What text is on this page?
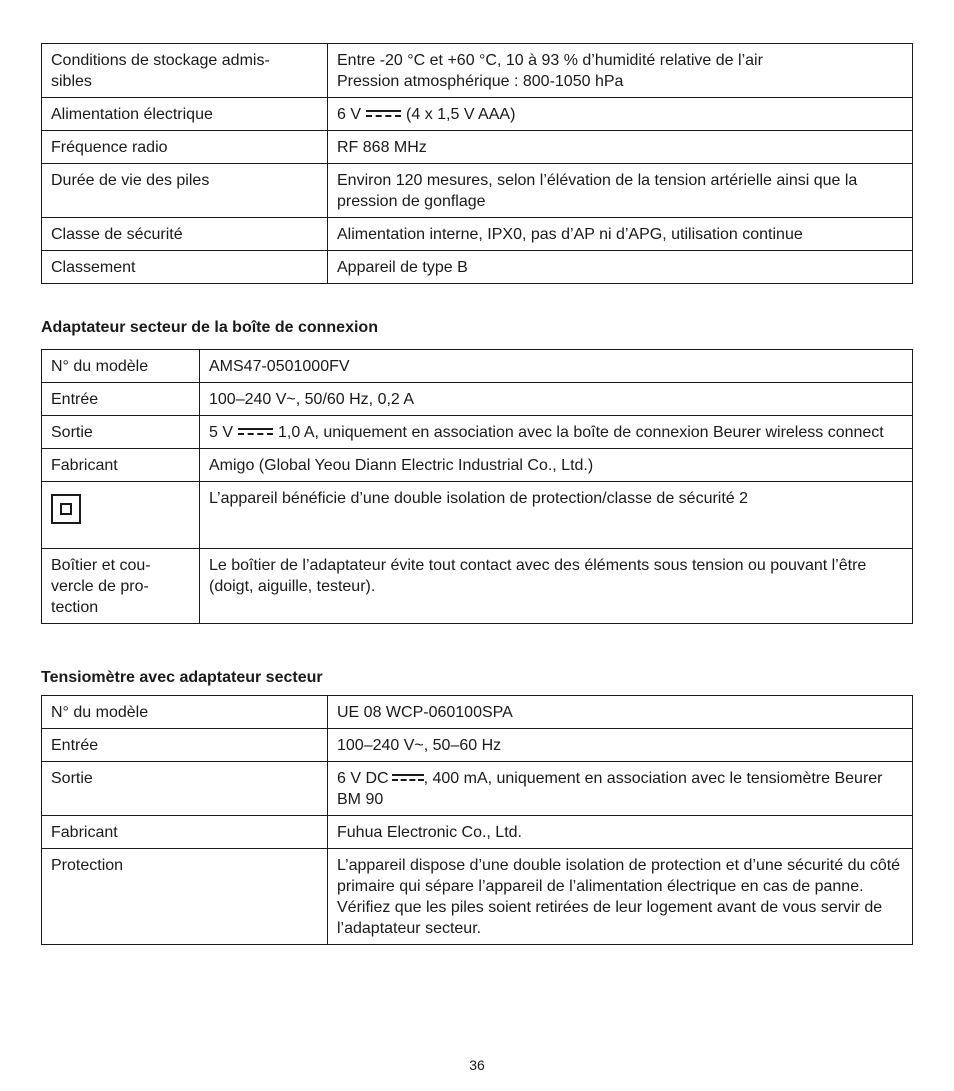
Conditions de stockage admis-
sibles	Entre -20 °C et +60 °C, 10 à 93 % d’humidité relative de l’air
Pression atmosphérique : 800-1050 hPa

Alimentation électrique	6 V (4 x 1,5 V AAA)
Fréquence radio	RF 868 MHz
Durée de vie des piles	Environ 120 mesures, selon l’élévation de la tension artérielle ainsi que la pression de gonflage
Classe de sécurité	Alimentation interne, IPX0, pas d’AP ni d’APG, utilisation continue
Classement	Appareil de type B
Adaptateur secteur de la boîte de connexion
N° du modèle	AMS47-0501000FV
Entrée	100–240 V~, 50/60 Hz, 0,2 A
Sortie	5 V 1,0 A, uniquement en association avec la boîte de connexion Beurer wireless connect
Fabricant	Amigo (Global Yeou Diann Electric Industrial Co., Ltd.)
	L’appareil bénéficie d’une double isolation de protection/classe de sécurité 2
Boîtier et cou-
vercle de pro-
tection	Le boîtier de l’adaptateur évite tout contact avec des éléments sous tension ou pouvant l’être (doigt, aiguille, testeur).
Tensiomètre avec adaptateur secteur
N° du modèle	UE 08 WCP-060100SPA
Entrée	100–240 V~, 50–60 Hz
Sortie	6 V DC , 400 mA, uniquement en association avec le tensiomètre Beurer BM 90
Fabricant	Fuhua Electronic Co., Ltd.
Protection	L’appareil dispose d’une double isolation de protection et d’une sécurité du côté primaire qui sépare l’appareil de l’alimentation électrique en cas de panne.
Vérifiez que les piles soient retirées de leur logement avant de vous servir de l’adaptateur secteur.
36
